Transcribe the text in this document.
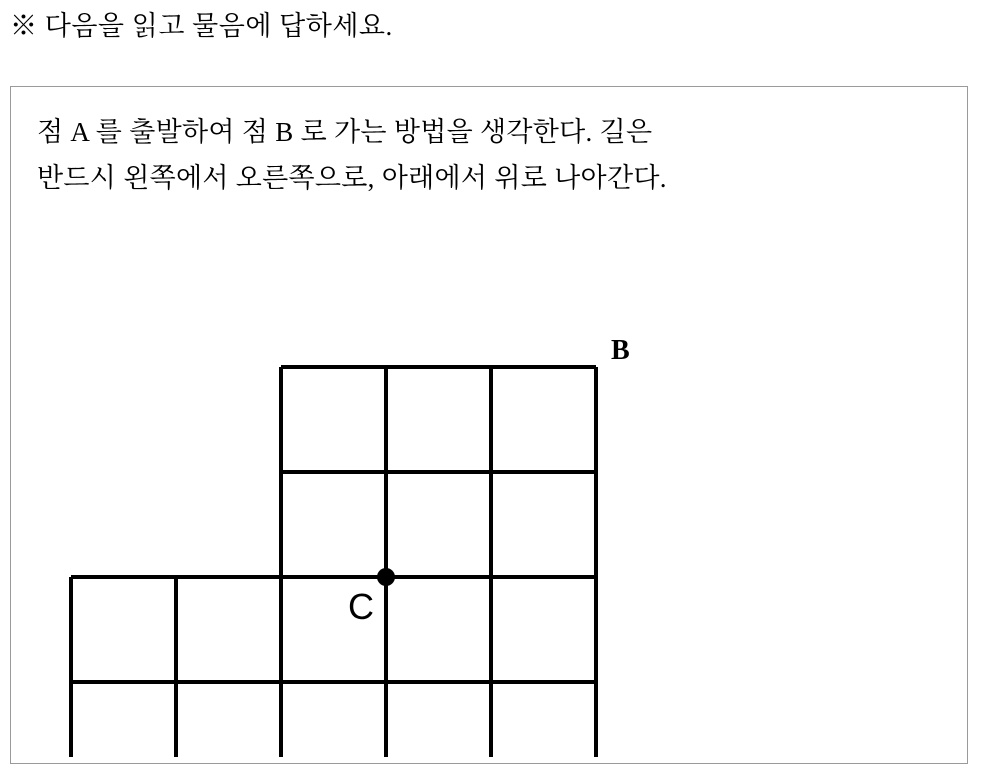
※ 다음을 읽고 물음에 답하세요.
점 A 를 출발하여 점 B 로 가는 방법을 생각한다. 길은
반드시 왼쪽에서 오른쪽으로, 아래에서 위로 나아간다.
B
C
